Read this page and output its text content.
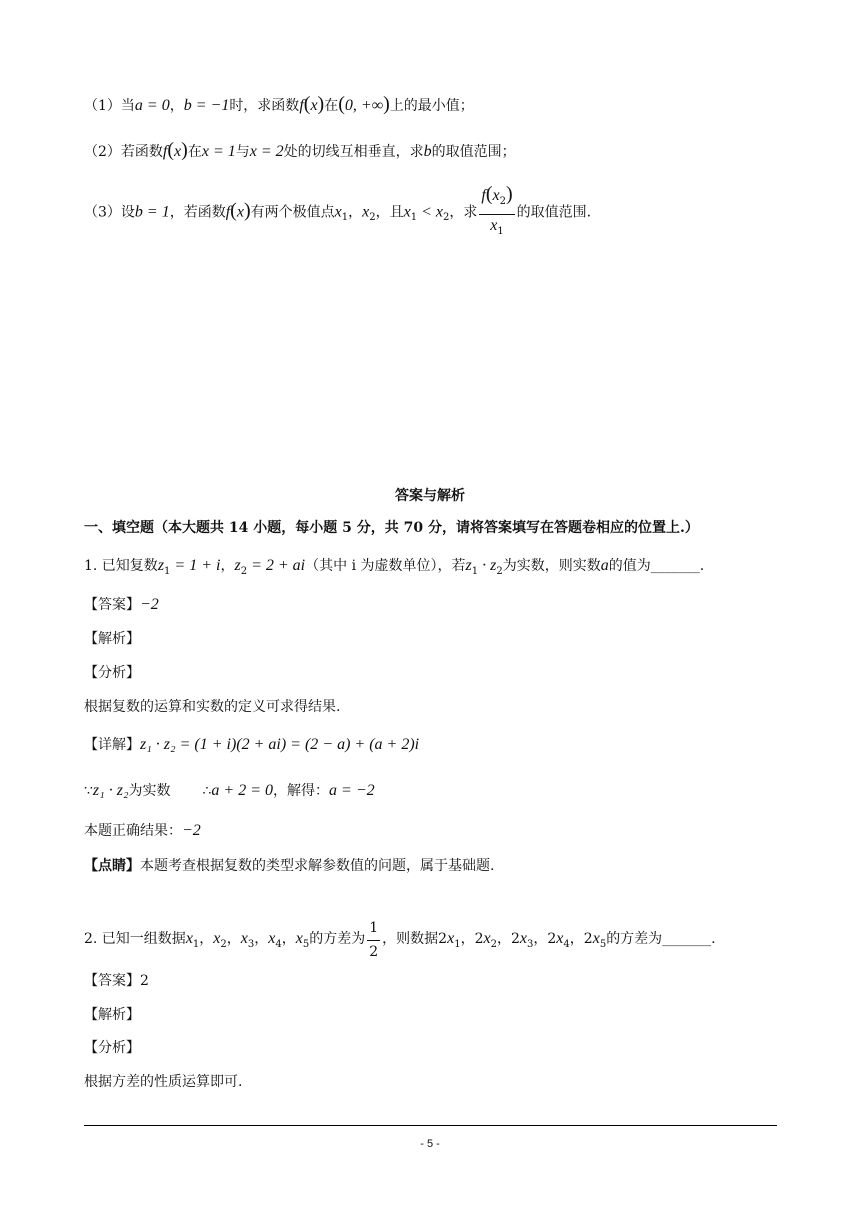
（1）当a = 0，b = −1时，求函数f(x)在(0, +∞)上的最小值；
（2）若函数f(x)在x = 1与x = 2处的切线互相垂直，求b的取值范围；
（3）设b = 1，若函数f(x)有两个极值点$x_1$，$x_2$，且$x_1 < x_2$，求 $\frac{f(x_2)}{x_1}$ 的取值范围.
答案与解析
一、填空题（本大题共 14 小题，每小题 5 分，共 70 分，请将答案填写在答题卷相应的位置上.）
1. 已知复数$z_1 = 1 + i$，$z_2 = 2 + ai$（其中 i 为虚数单位），若$z_1 \cdot z_2$为实数，则实数a的值为_______.
【答案】−2
【解析】
【分析】
根据复数的运算和实数的定义可求得结果.
【详解】z₁ · z₂ = (1 + i)(2 + ai) = (2 − a) + (a + 2)i
∵z₁ · z₂为实数 ∴a + 2 = 0，解得：a = −2
本题正确结果：−2
【点睛】本题考查根据复数的类型求解参数值的问题，属于基础题.
2. 已知一组数据$x_1$，$x_2$，$x_3$，$x_4$，$x_5$的方差为 $\frac{1}{2}$ ，则数据$2x_1$，$2x_2$，$2x_3$，$2x_4$，$2x_5$的方差为_______.
【答案】2
【解析】
【分析】
根据方差的性质运算即可.
- 5 -
